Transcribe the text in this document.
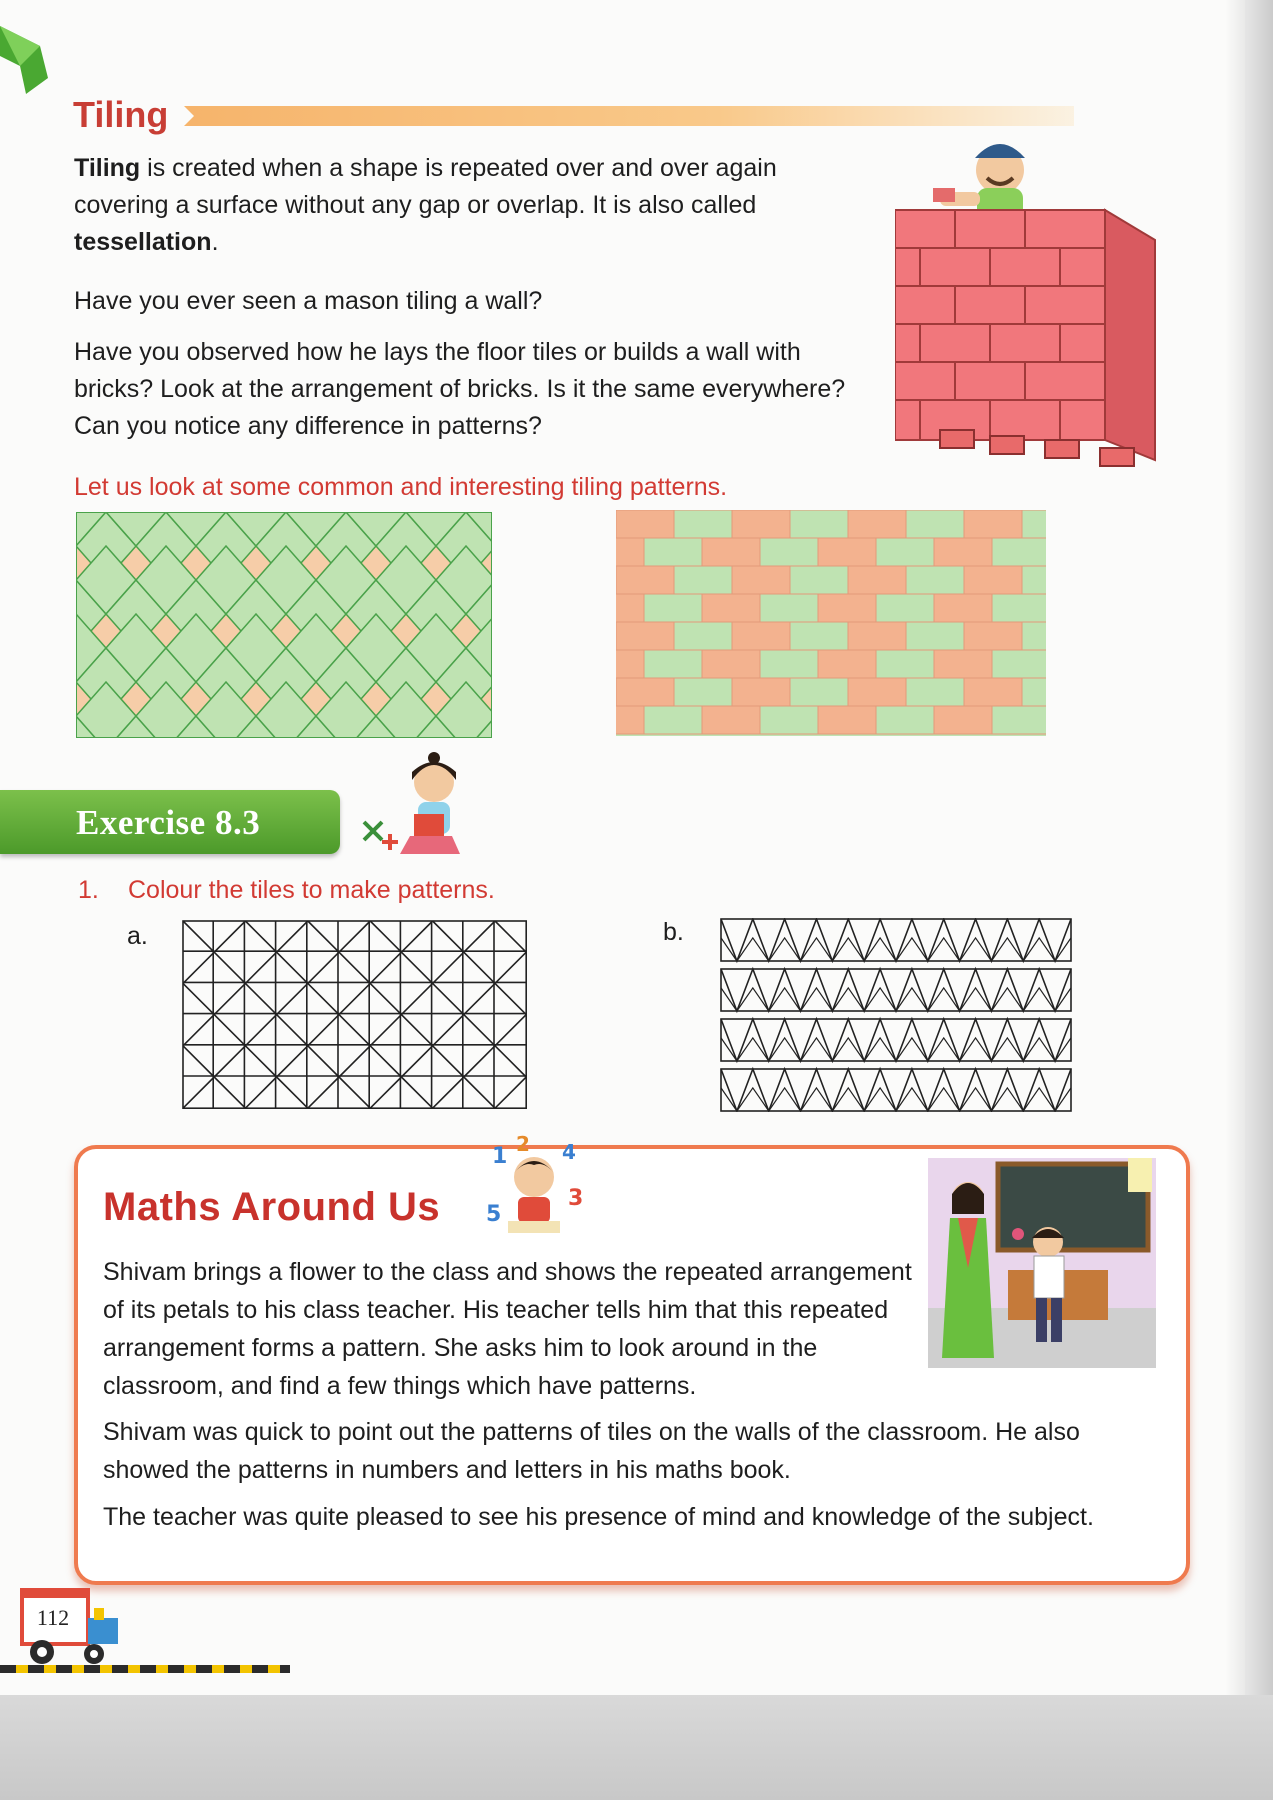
Tiling
Tiling is created when a shape is repeated over and over again covering a surface without any gap or overlap. It is also called tessellation.
Have you ever seen a mason tiling a wall?
Have you observed how he lays the floor tiles or builds a wall with bricks? Look at the arrangement of bricks. Is it the same everywhere? Can you notice any difference in patterns?
Let us look at some common and interesting tiling patterns.
Exercise 8.3
1. Colour the tiles to make patterns.
a.	b.
Maths Around Us
1 2 4
3
5
Shivam brings a flower to the class and shows the repeated arrangement of its petals to his class teacher. His teacher tells him that this repeated arrangement forms a pattern. She asks him to look around in the classroom, and find a few things which have patterns.
Shivam was quick to point out the patterns of tiles on the walls of the classroom. He also showed the patterns in numbers and letters in his maths book.
The teacher was quite pleased to see his presence of mind and knowledge of the subject.
112
